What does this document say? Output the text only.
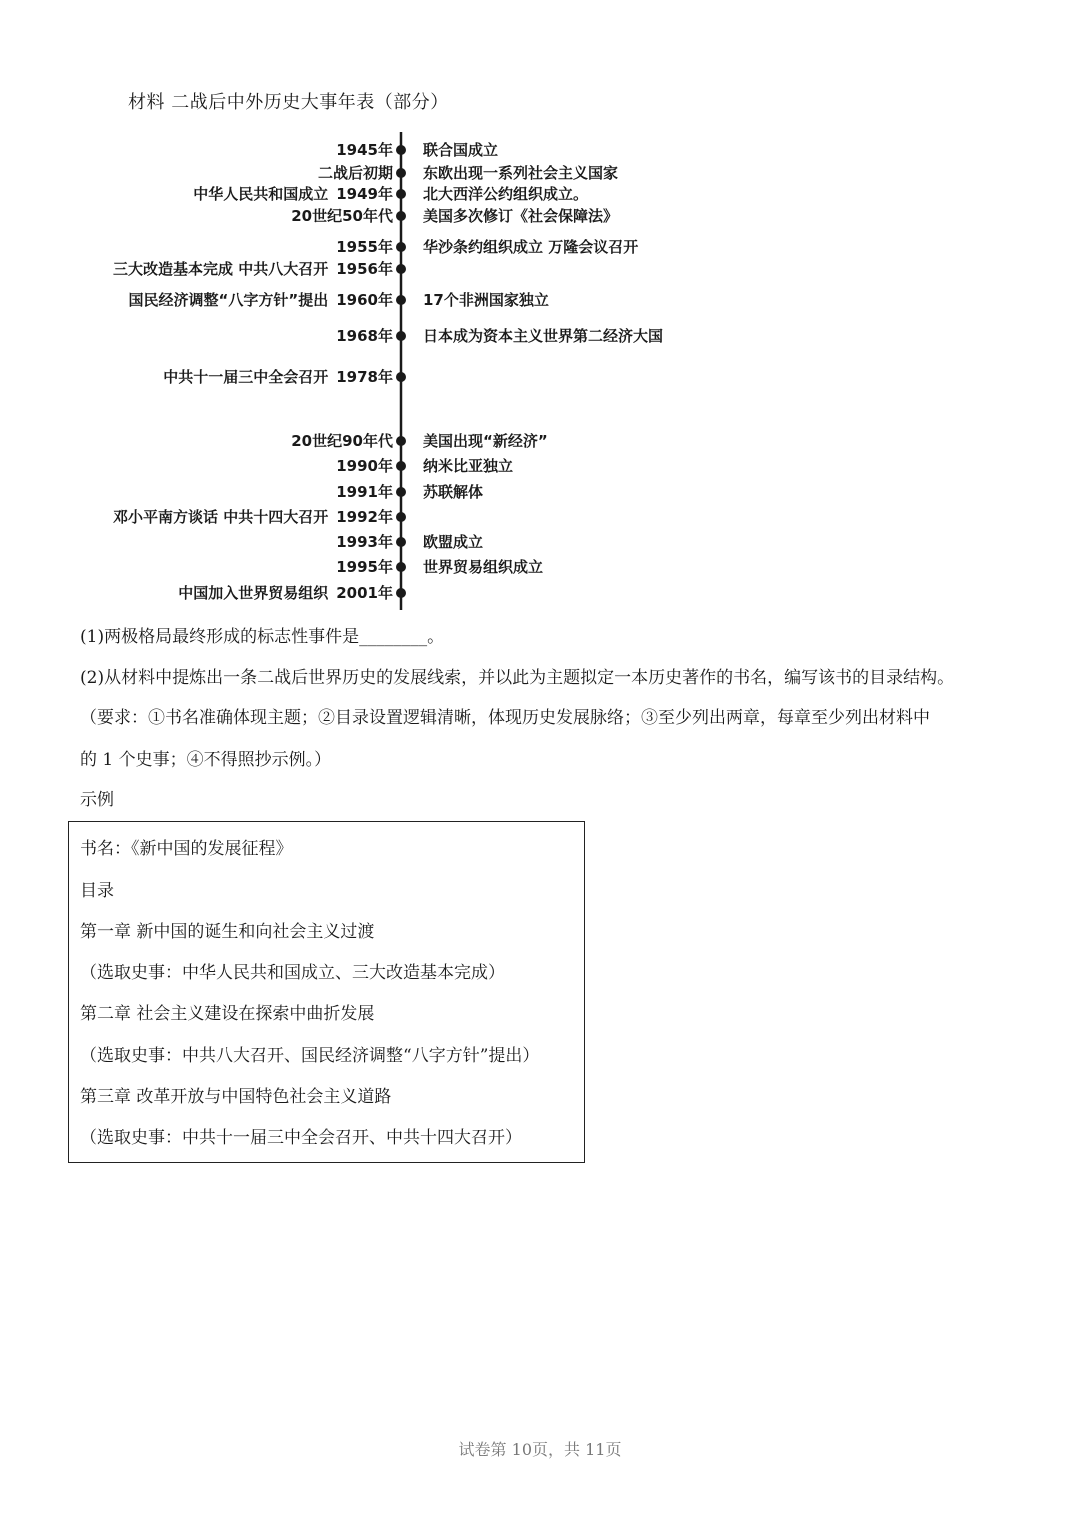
材料 二战后中外历史大事年表（部分）
1945年 联合国成立
二战后初期 东欧出现一系列社会主义国家
1949年
中华人民共和国成立	北大西洋公约组织成立。
20世纪50年代 美国多次修订《社会保障法》
1955年 华沙条约组织成立 万隆会议召开
1956年
三大改造基本完成 中共八大召开
1960年
国民经济调整“八字方针”提出	17个非洲国家独立
1968年 日本成为资本主义世界第二经济大国
1978年
中共十一届三中全会召开
20世纪90年代 美国出现“新经济”
1990年 纳米比亚独立
1991年 苏联解体
1992年
邓小平南方谈话 中共十四大召开
1993年 欧盟成立
1995年 世界贸易组织成立
2001年
中国加入世界贸易组织
(1)两极格局最终形成的标志性事件是________。
(2)从材料中提炼出一条二战后世界历史的发展线索，并以此为主题拟定一本历史著作的书名，编写该书的目录结构。
（要求：①书名准确体现主题；②目录设置逻辑清晰，体现历史发展脉络；③至少列出两章，每章至少列出材料中
的 1 个史事；④不得照抄示例。）
示例
书名：《新中国的发展征程》
目录
第一章 新中国的诞生和向社会主义过渡
（选取史事：中华人民共和国成立、三大改造基本完成）
第二章 社会主义建设在探索中曲折发展
（选取史事：中共八大召开、国民经济调整“八字方针”提出）
第三章 改革开放与中国特色社会主义道路
（选取史事：中共十一届三中全会召开、中共十四大召开）
试卷第 10页，共 11页
